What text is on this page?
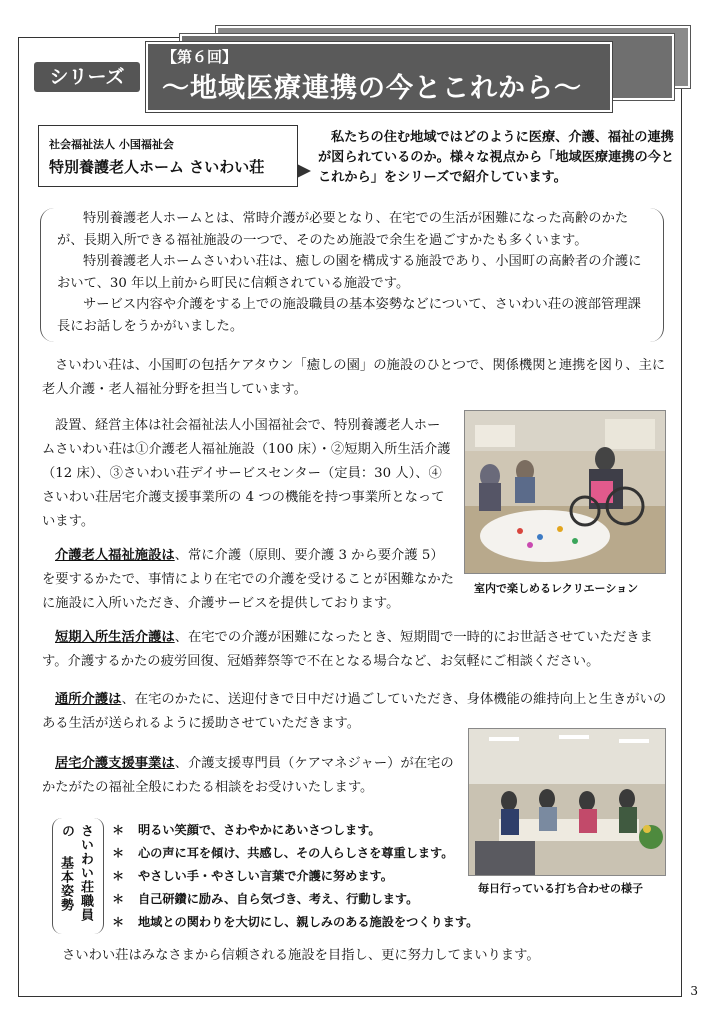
【第６回】
～地域医療連携の今とこれから～
シリーズ
社会福祉法人 小国福祉会
特別養護老人ホーム さいわい荘
私たちの住む地域ではどのように医療、介護、福祉の連携が図られているのか。様々な視点から「地域医療連携の今とこれから」をシリーズで紹介しています。

特別養護老人ホームとは、常時介護が必要となり、在宅での生活が困難になった高齢のかたが、長期入所できる福祉施設の一つで、そのため施設で余生を過ごすかたも多くいます。

特別養護老人ホームさいわい荘は、癒しの園を構成する施設であり、小国町の高齢者の介護において、30 年以上前から町民に信頼されている施設です。

サービス内容や介護をする上での施設職員の基本姿勢などについて、さいわい荘の渡部管理課長にお話しをうかがいました。

さいわい荘は、小国町の包括ケアタウン「癒しの園」の施設のひとつで、関係機関と連携を図り、主に老人介護・老人福祉分野を担当しています。

設置、経営主体は社会福祉法人小国福祉会で、特別養護老人ホームさいわい荘は①介護老人福祉施設（100 床）・②短期入所生活介護（12 床）、③さいわい荘デイサービスセンター（定員：30 人）、④さいわい荘居宅介護支援事業所の 4 つの機能を持つ事業所となっています。

介護老人福祉施設は、常に介護（原則、要介護 3 から要介護 5）を要するかたで、事情により在宅での介護を受けることが困難なかたに施設に入所いただき、介護サービスを提供しております。

短期入所生活介護は、在宅での介護が困難になったとき、短期間で一時的にお世話させていただきます。介護するかたの疲労回復、冠婚葬祭等で不在となる場合など、お気軽にご相談ください。

通所介護は、在宅のかたに、送迎付きで日中だけ過ごしていただき、身体機能の維持向上と生きがいのある生活が送られるように援助させていただきます。

居宅介護支援事業は、介護支援専門員（ケアマネジャー）が在宅のかたがたの福祉全般にわたる相談をお受けいたします。

室内で楽しめるレクリエーション
毎日行っている打ち合わせの様子
さいわい荘職員の
基本姿勢
＊ 明るい笑顔で、さわやかにあいさつします。
＊ 心の声に耳を傾け、共感し、その人らしさを尊重します。
＊ やさしい手・やさしい言葉で介護に努めます。
＊ 自己研鑽に励み、自ら気づき、考え、行動します。
＊ 地域との関わりを大切にし、親しみのある施設をつくります。
さいわい荘はみなさまから信頼される施設を目指し、更に努力してまいります。
3
